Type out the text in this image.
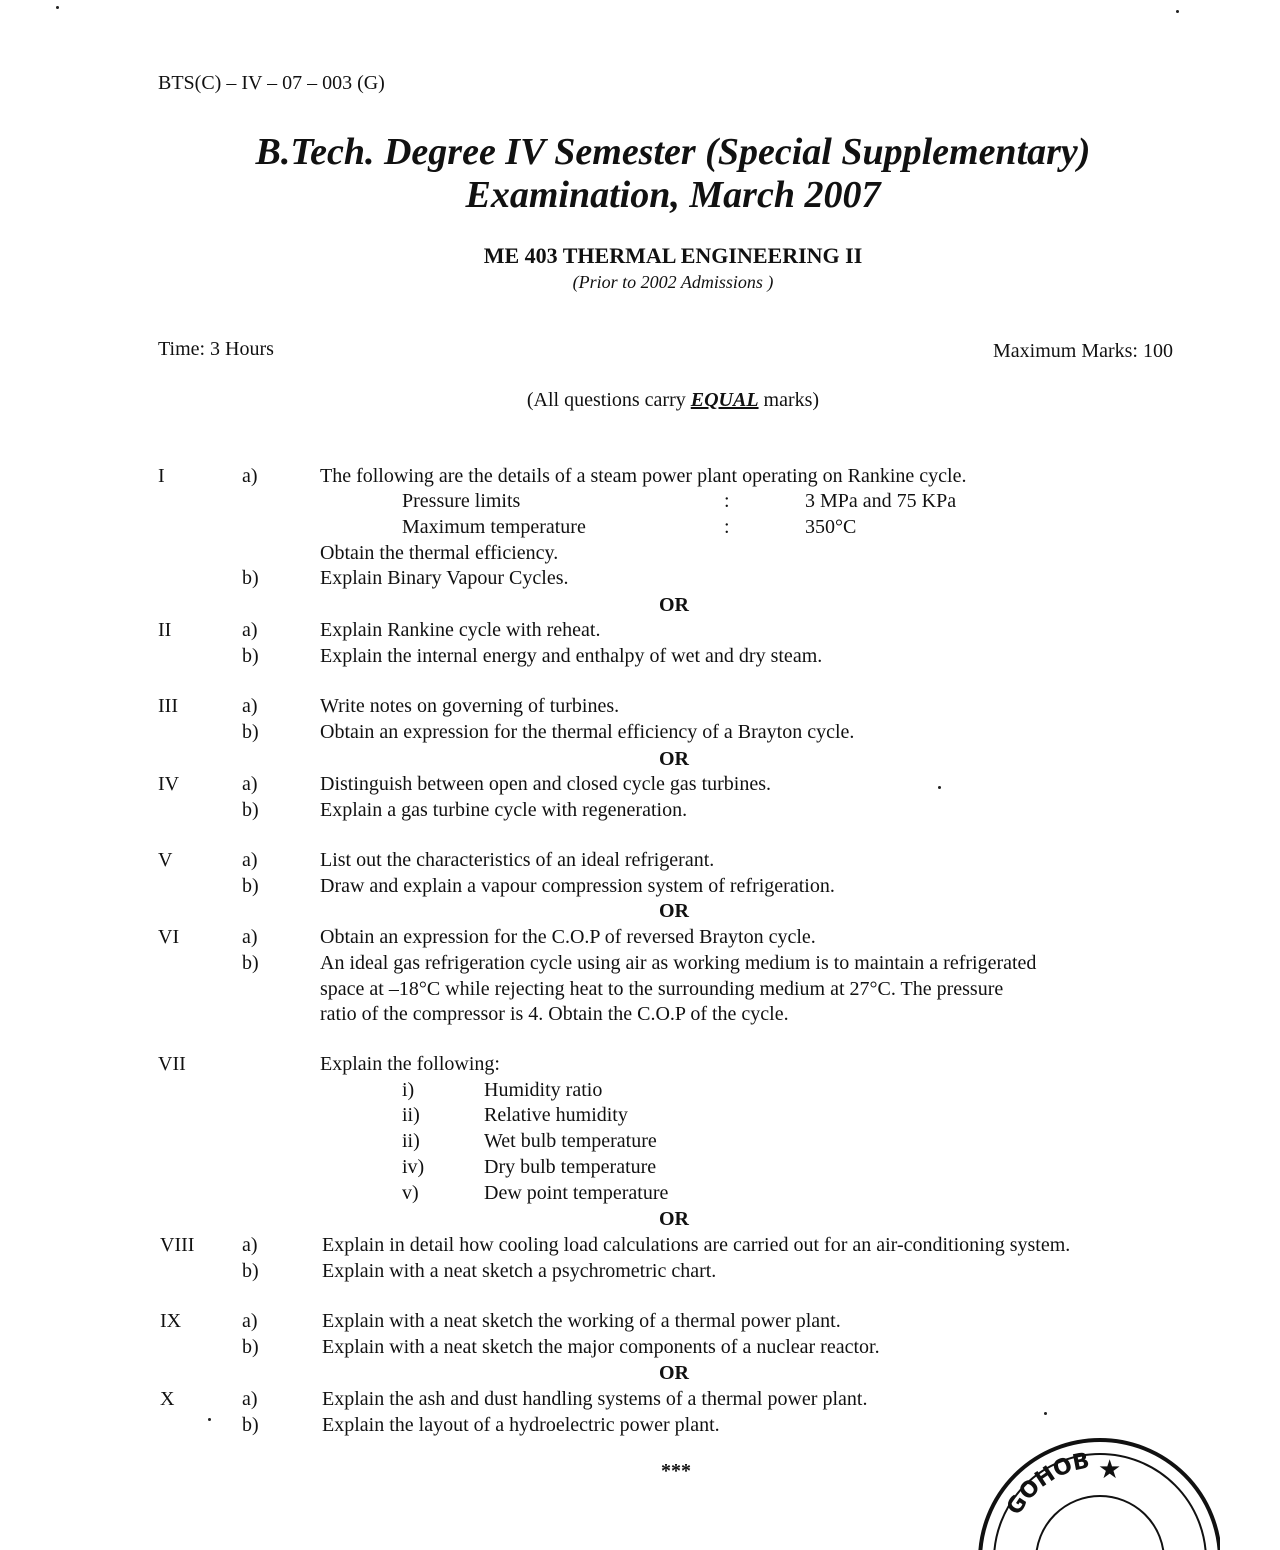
BTS(C) – IV – 07 – 003 (G)
B.Tech. Degree IV Semester (Special Supplementary)
Examination, March 2007
ME 403 THERMAL ENGINEERING II
(Prior to 2002 Admissions )
Time: 3 Hours	Maximum Marks: 100
(All questions carry EQUAL marks)
I	a)	The following are the details of a steam power plant operating on Rankine cycle.
Pressure limits	:	3 MPa and 75 KPa
Maximum temperature	:	350°C
Obtain the thermal efficiency.
b)	Explain Binary Vapour Cycles.
OR
II	a)	Explain Rankine cycle with reheat.
b)	Explain the internal energy and enthalpy of wet and dry steam.
III	a)	Write notes on governing of turbines.
b)	Obtain an expression for the thermal efficiency of a Brayton cycle.
OR
IV	a)	Distinguish between open and closed cycle gas turbines.
b)	Explain a gas turbine cycle with regeneration.
V	a)	List out the characteristics of an ideal refrigerant.
b)	Draw and explain a vapour compression system of refrigeration.
OR
VI	a)	Obtain an expression for the C.O.P of reversed Brayton cycle.
b)	An ideal gas refrigeration cycle using air as working medium is to maintain a refrigerated
space at –18°C while rejecting heat to the surrounding medium at 27°C. The pressure
ratio of the compressor is 4. Obtain the C.O.P of the cycle.
VII	Explain the following:
i)	Humidity ratio
ii)	Relative humidity
ii)	Wet bulb temperature
iv)	Dry bulb temperature
v)	Dew point temperature
OR
VIII a)	Explain in detail how cooling load calculations are carried out for an air-conditioning system.
b)	Explain with a neat sketch a psychrometric chart.
IX	a)	Explain with a neat sketch the working of a thermal power plant.
b)	Explain with a neat sketch the major components of a nuclear reactor.
OR
X	a)	Explain the ash and dust handling systems of a thermal power plant.
b)	Explain the layout of a hydroelectric power plant.
***
GOHOB ★
